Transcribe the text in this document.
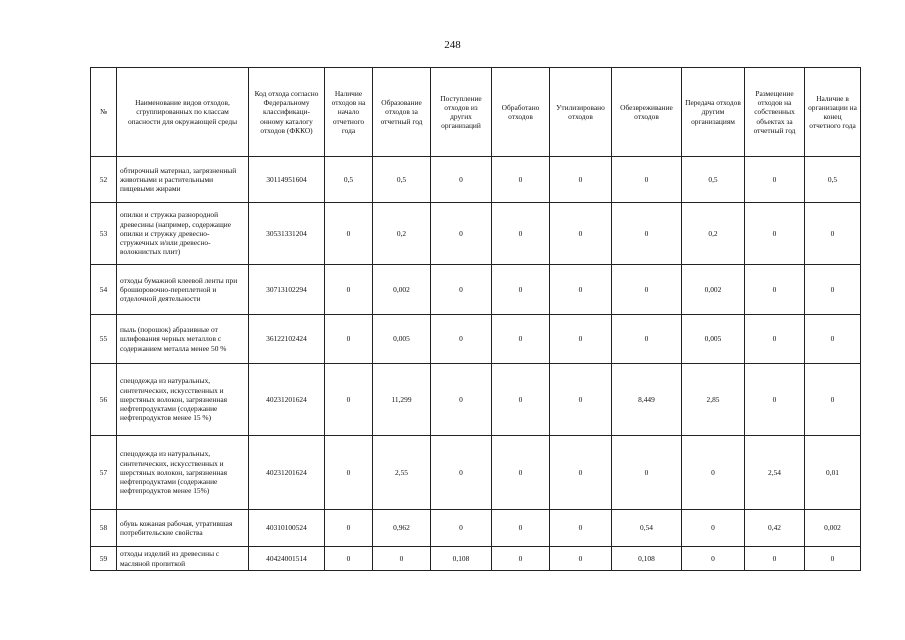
248
№	Наименование видов отходов, сгруппированных по классам опасности для окружающей среды	Код отхода согласно Федеральному классификаци-онному каталогу отходов (ФККО)	Наличие отходов на начало отчетного года	Образование отходов за отчетный год	Поступление отходов из других организаций	Обработано отходов	Утилизировано отходов	Обезвреживание отходов	Передача отходов другим организациям	Размещение отходов на собственных объектах за отчетный год	Наличие в организации на конец отчетного года
52	обтирочный материал, загрязненный животными и растительными пищевыми жирами	30114951604	0,5	0,5	0	0	0	0	0,5	0	0,5
53	опилки и стружка разнородной древесины (например, содержащие опилки и стружку древесно-стружечных и/или древесно-волокнистых плит)	30531331204	0	0,2	0	0	0	0	0,2	0	0
54	отходы бумажной клеевой ленты при брошюровочно-переплетной и отделочной деятельности	30713102294	0	0,002	0	0	0	0	0,002	0	0
55	пыль (порошок) абразивные от шлифования черных металлов с содержанием металла менее 50 %	36122102424	0	0,005	0	0	0	0	0,005	0	0
56	спецодежда из натуральных, синтетических, искусственных и шерстяных волокон, загрязненная нефтепродуктами (содержание нефтепродуктов менее 15 %)	40231201624	0	11,299	0	0	0	8,449	2,85	0	0
57	спецодежда из натуральных, синтетических, искусственных и шерстяных волокон, загрязненная нефтепродуктами (содержание нефтепродуктов менее 15%)	40231201624	0	2,55	0	0	0	0	0	2,54	0,01
58	обувь кожаная рабочая, утратившая потребительские свойства	40310100524	0	0,962	0	0	0	0,54	0	0,42	0,002
59	отходы изделий из древесины с масляной пропиткой	40424001514	0	0	0,108	0	0	0,108	0	0	0
